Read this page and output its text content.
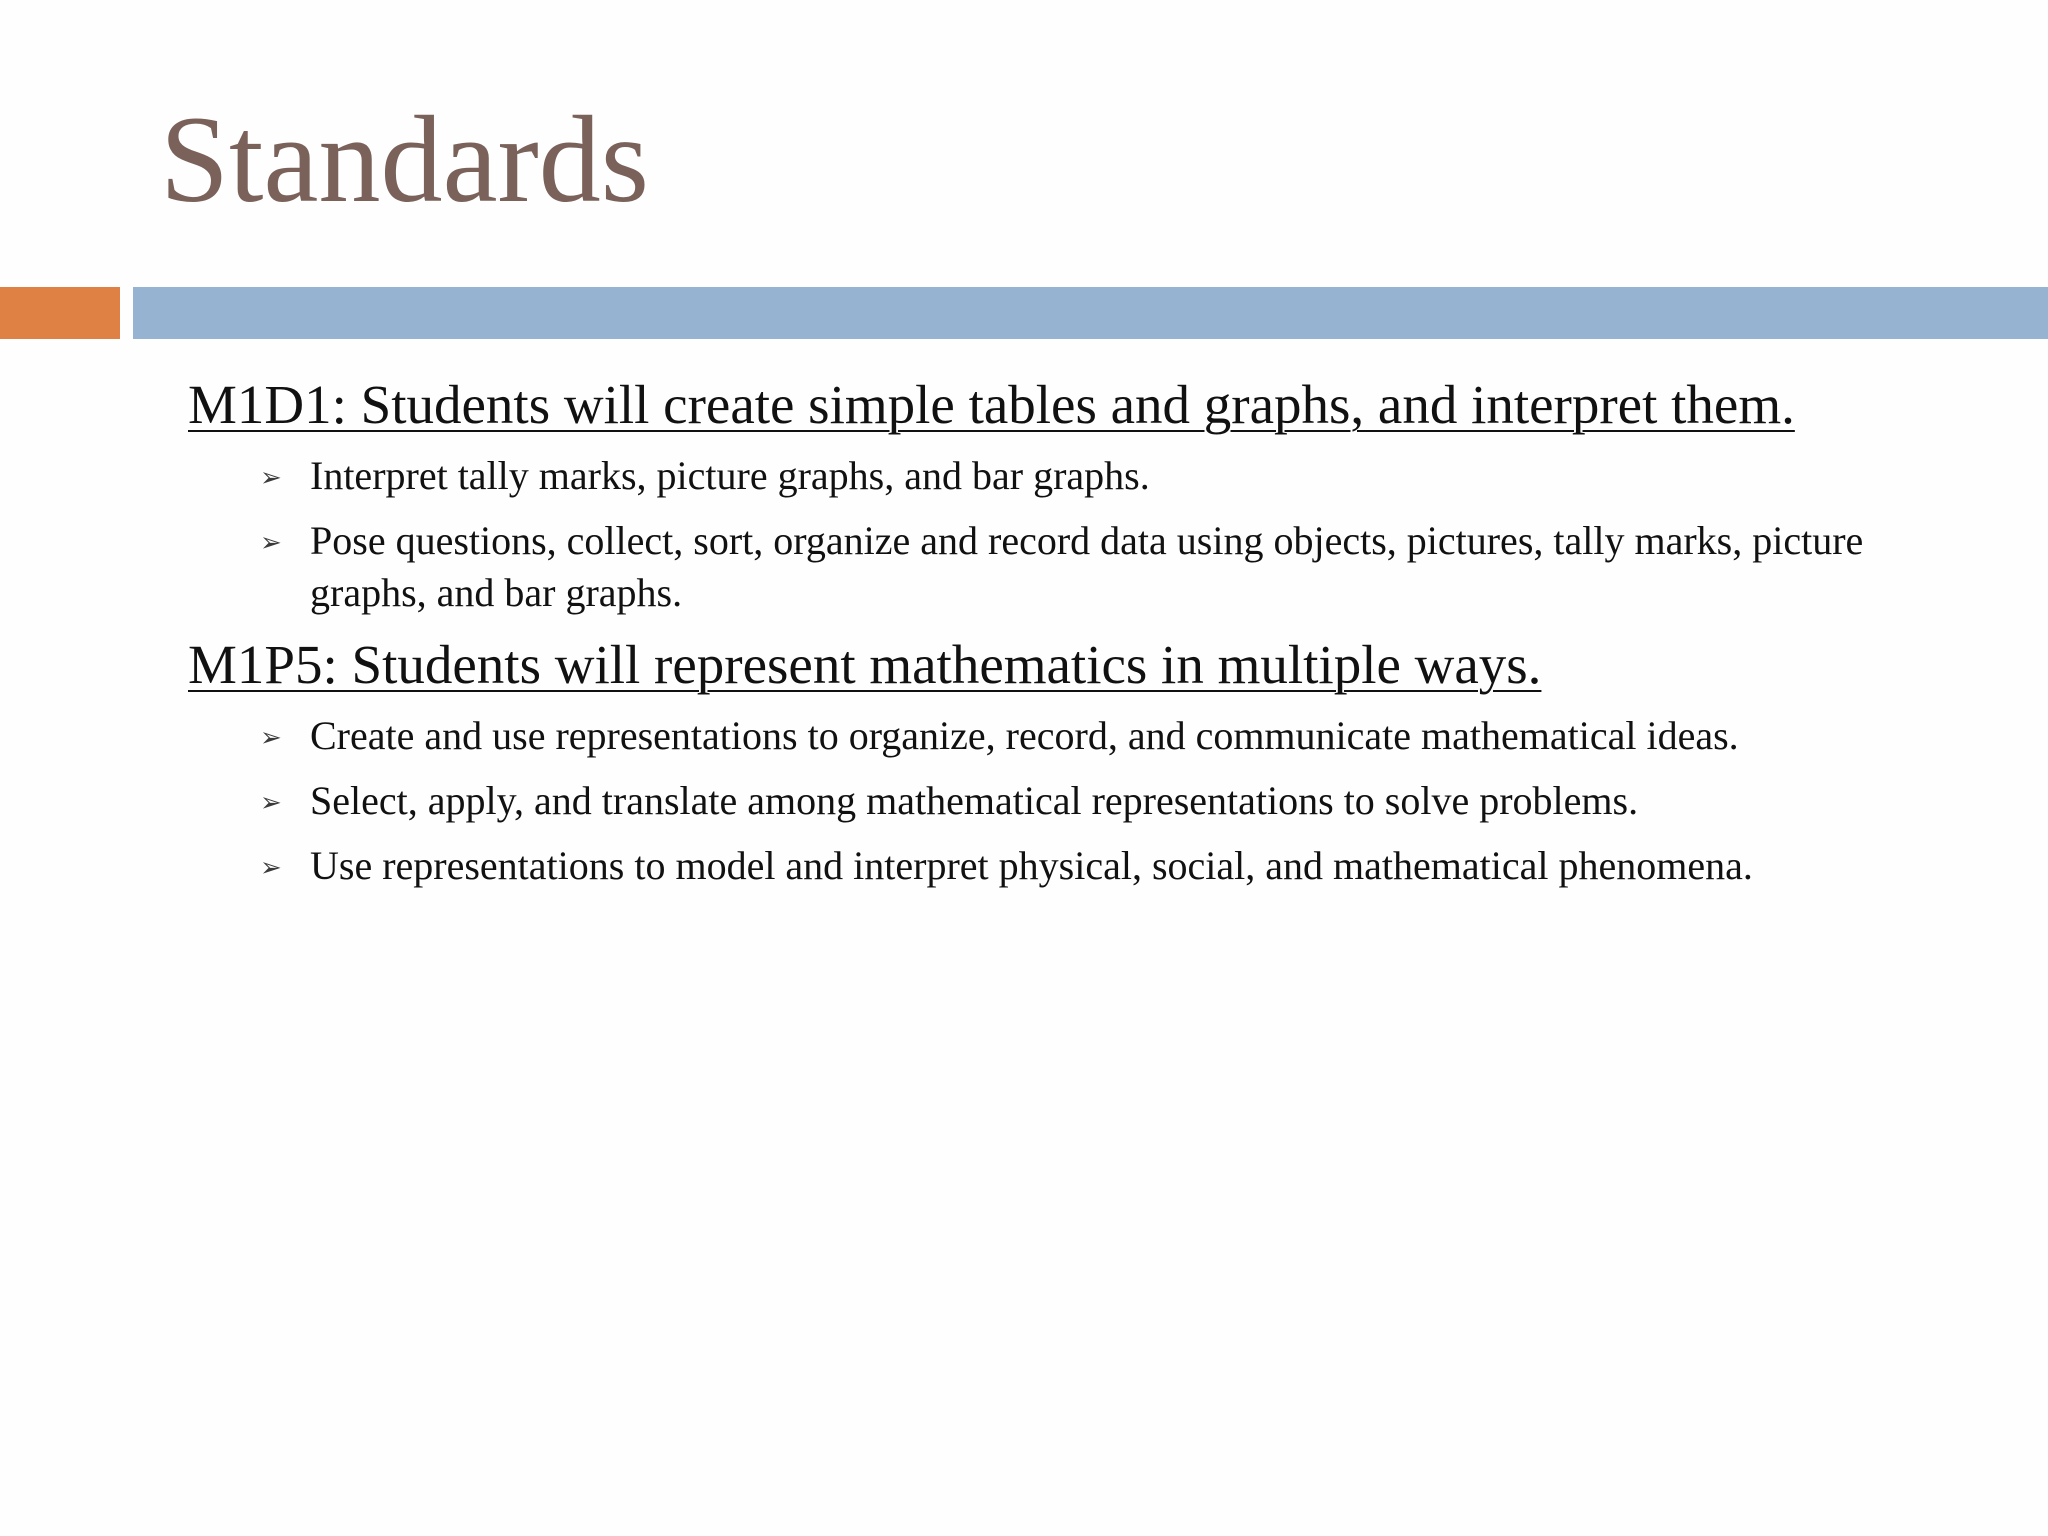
Standards
M1D1: Students will create simple tables and graphs, and interpret them.
➢ Interpret tally marks, picture graphs, and bar graphs.
➢ Pose questions, collect, sort, organize and record data using objects, pictures, tally marks, picture graphs, and bar graphs.
M1P5: Students will represent mathematics in multiple ways.
➢ Create and use representations to organize, record, and communicate mathematical ideas.
➢ Select, apply, and translate among mathematical representations to solve problems.
➢ Use representations to model and interpret physical, social, and mathematical phenomena.
